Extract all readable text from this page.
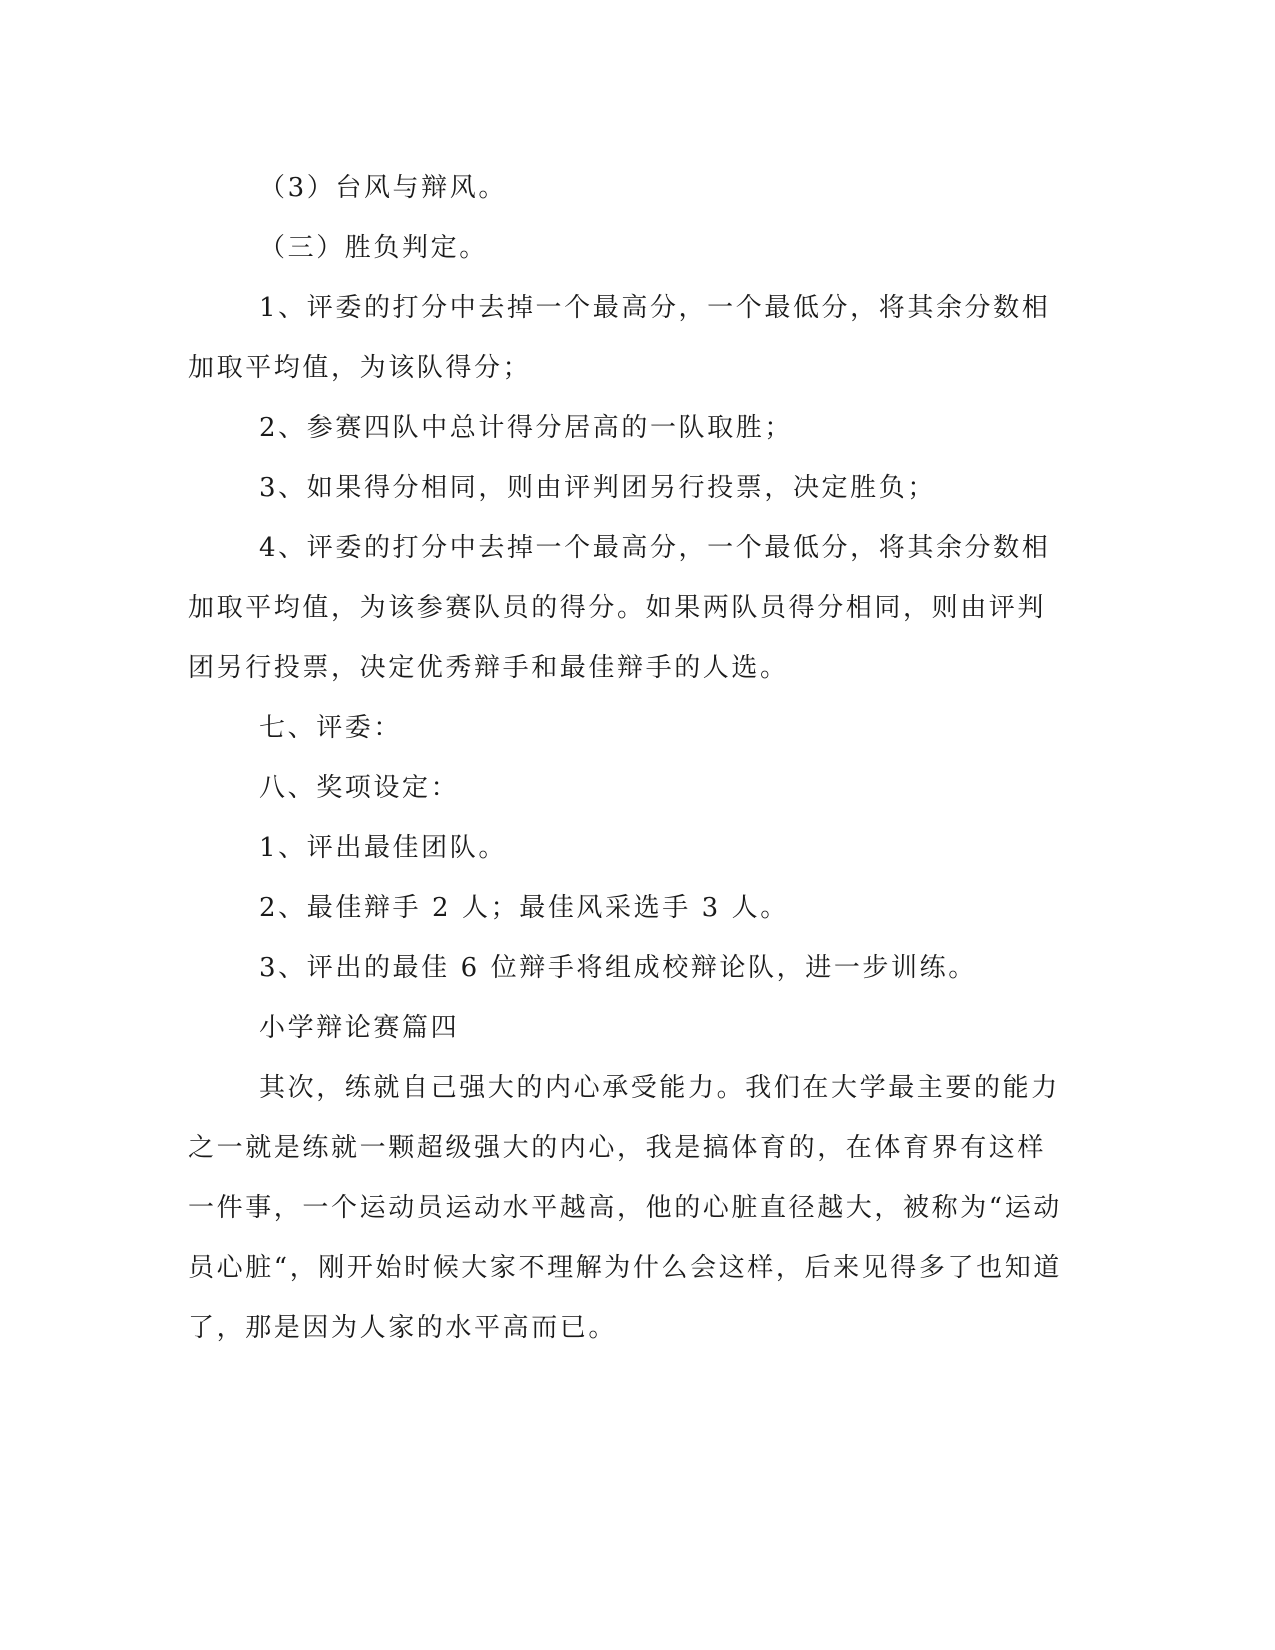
（3）台风与辩风。

（三）胜负判定。

1、评委的打分中去掉一个最高分，一个最低分，将其余分数相
加取平均值，为该队得分；

2、参赛四队中总计得分居高的一队取胜；

3、如果得分相同，则由评判团另行投票，决定胜负；

4、评委的打分中去掉一个最高分，一个最低分，将其余分数相
加取平均值，为该参赛队员的得分。如果两队员得分相同，则由评判
团另行投票，决定优秀辩手和最佳辩手的人选。

七、评委：

八、奖项设定：

1、评出最佳团队。

2、最佳辩手 2 人；最佳风采选手 3 人。

3、评出的最佳 6 位辩手将组成校辩论队，进一步训练。

小学辩论赛篇四

其次，练就自己强大的内心承受能力。我们在大学最主要的能力
之一就是练就一颗超级强大的内心，我是搞体育的，在体育界有这样
一件事，一个运动员运动水平越高，他的心脏直径越大，被称为“运动
员心脏“，刚开始时候大家不理解为什么会这样，后来见得多了也知道
了，那是因为人家的水平高而已。
